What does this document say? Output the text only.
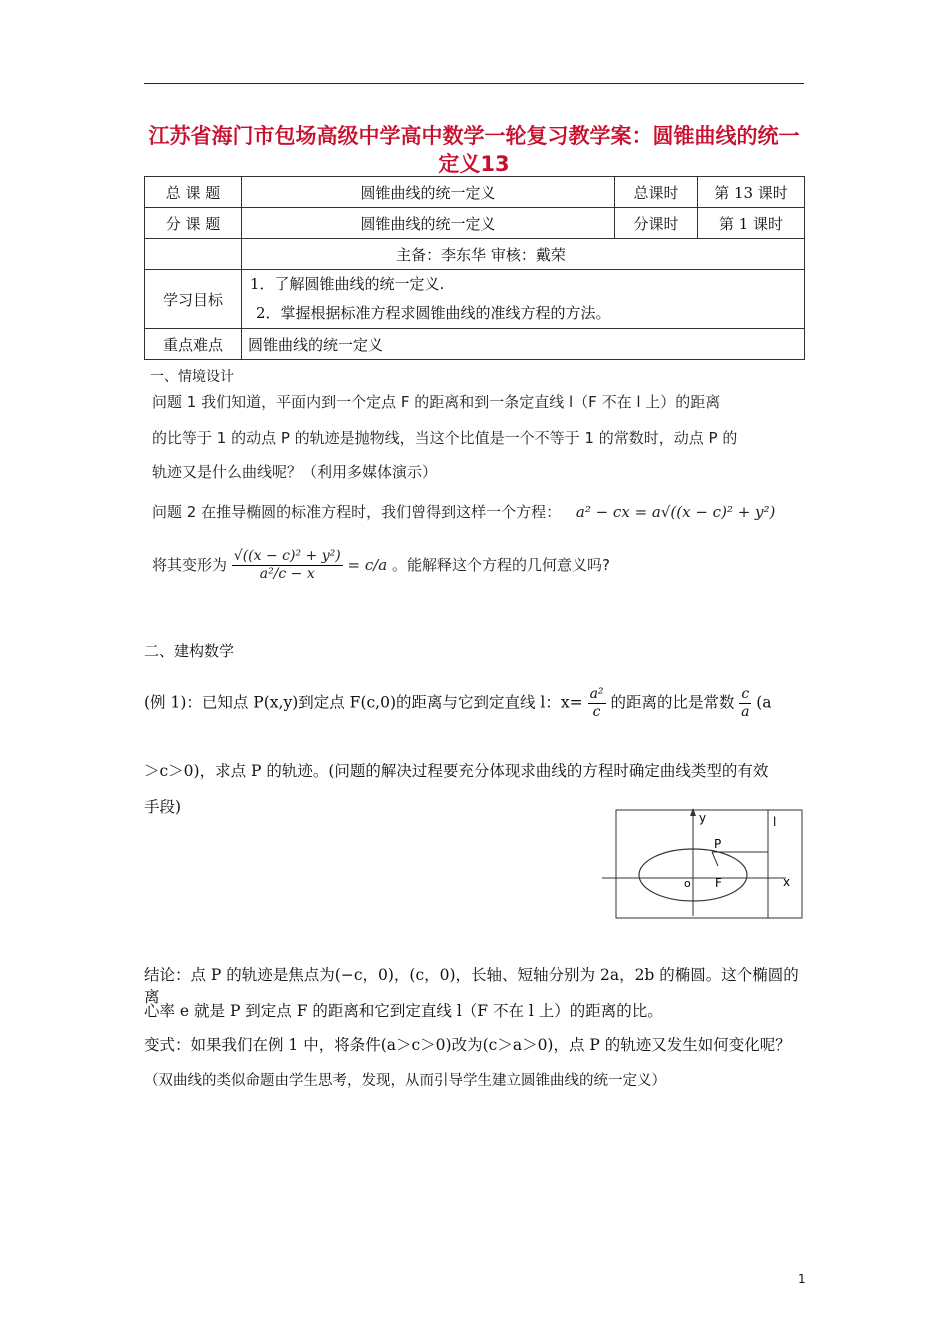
江苏省海门市包场高级中学高中数学一轮复习教学案：圆锥曲线的统一定义13
总 课 题	圆锥曲线的统一定义	总课时	第 13 课时
分 课 题	圆锥曲线的统一定义	分课时	第 1 课时
	主备：李东华 审核：戴荣		
学习目标	1．了解圆锥曲线的统一定义.
2．掌握根据标准方程求圆锥曲线的准线方程的方法。		

重点难点	圆锥曲线的统一定义		
一、情境设计
问题 1 我们知道，平面内到一个定点 F 的距离和到一条定直线 l（F 不在 l 上）的距离
的比等于 1 的动点 P 的轨迹是抛物线，当这个比值是一个不等于 1 的常数时，动点 P 的
轨迹又是什么曲线呢？（利用多媒体演示）
问题 2 在推导椭圆的标准方程时，我们曾得到这样一个方程： a² − cx = a√((x − c)² + y²)
将其变形为 $\frac{\text{√((x − c)² + y²)}}{\text{a²/c − x}} = c/a$ 。能解释这个方程的几何意义吗?
二、建构数学
(例 1)：已知点 P(x,y)到定点 F(c,0)的距离与它到定直线 l：$x= \frac{\text{a²}}{c}$ 的距离的比是常数 $\frac{c}{a} (a$
＞c＞0)，求点 P 的轨迹。(问题的解决过程要充分体现求曲线的方程时确定曲线类型的有效
手段)
y	l
P
o F	x
结论：点 P 的轨迹是焦点为(−c，0)，(c，0)，长轴、短轴分别为 2a，2b 的椭圆。这个椭圆的离
心率 e 就是 P 到定点 F 的距离和它到定直线 l（F 不在 l 上）的距离的比。
变式：如果我们在例 1 中，将条件(a＞c＞0)改为(c＞a＞0)，点 P 的轨迹又发生如何变化呢？
（双曲线的类似命题由学生思考，发现，从而引导学生建立圆锥曲线的统一定义）
1
